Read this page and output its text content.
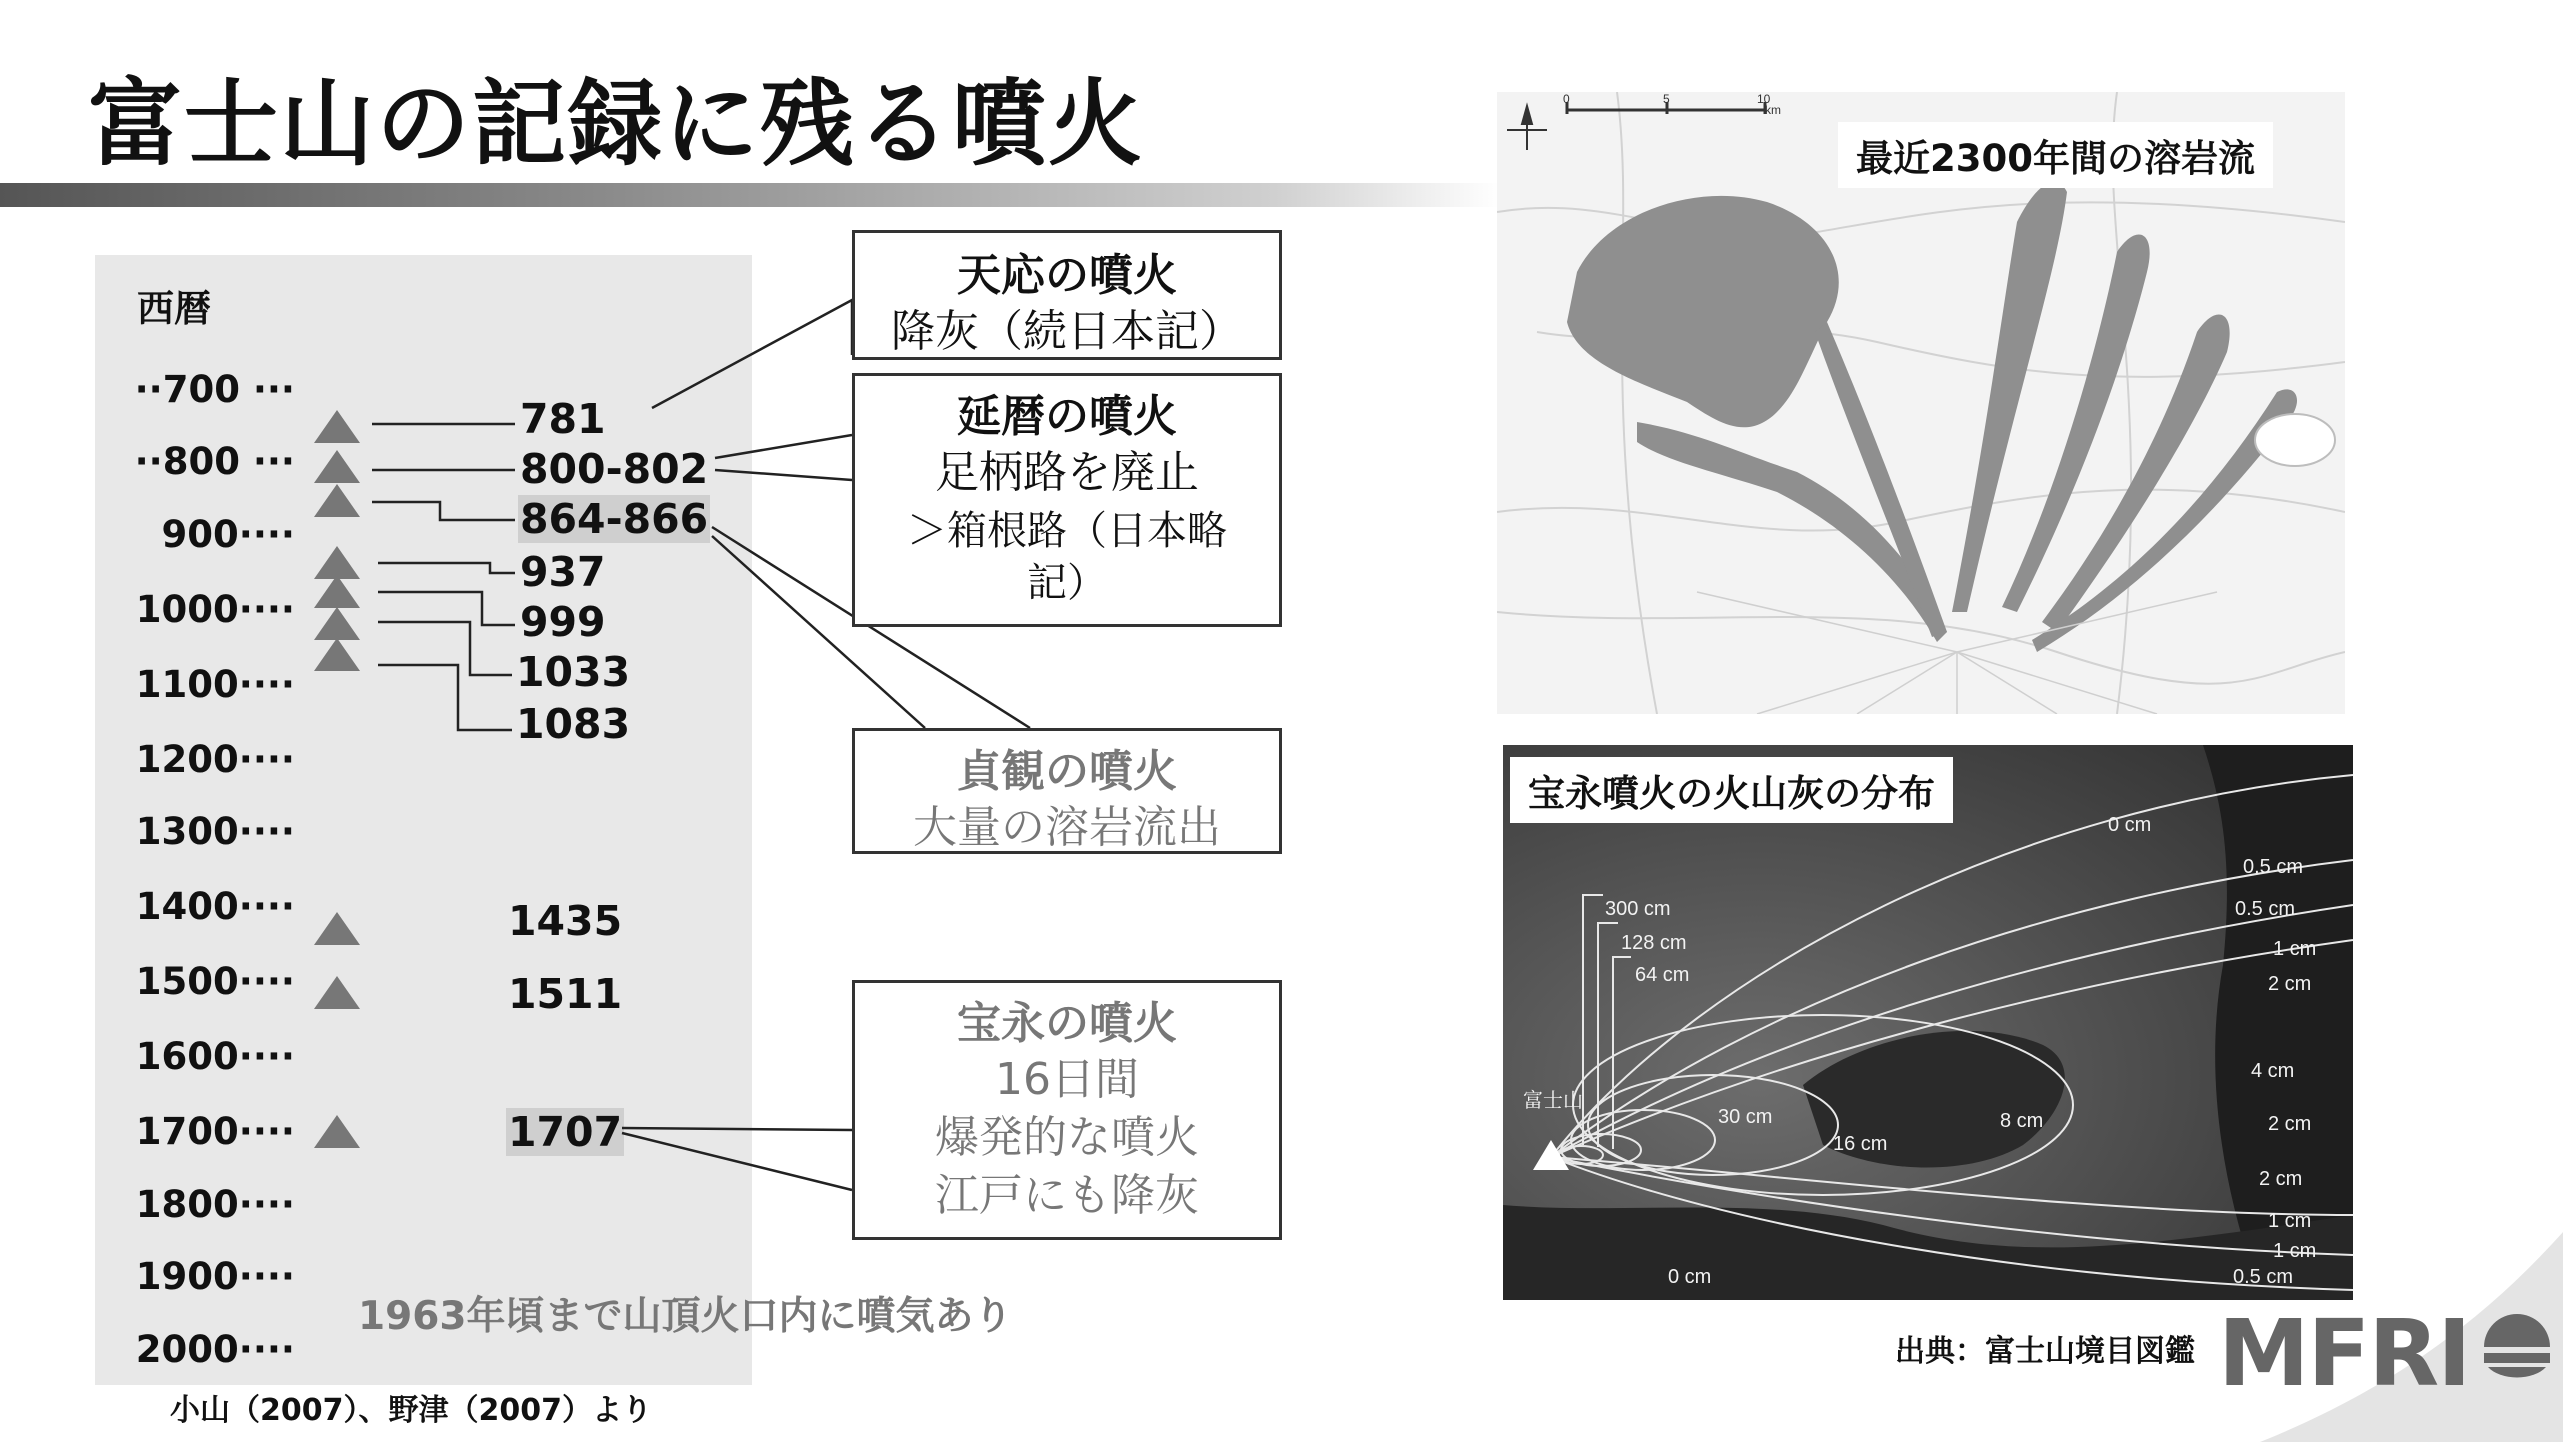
富士山の記録に残る噴火
西暦
··700 ···
··800 ···
900····
1000····
1100····
1200····
1300····
1400····
1500····
1600····
1700····
1800····
1900····
2000····
781
800-802
864-866
937
999
1033
1083
1435
1511
1707
天応の噴火
降灰（続日本記）
延暦の噴火
足柄路を廃止
＞箱根路（日本略
記）
貞観の噴火
大量の溶岩流出
宝永の噴火
16日間
爆発的な噴火
江戸にも降灰
1963年頃まで山頂火口内に噴気あり
小山（2007）、野津（2007）より
0	5	10
km
最近2300年間の溶岩流
300 cm
128 cm
64 cm
30 cm
16 cm
8 cm
4 cm
2 cm
1 cm
0.5 cm
0 cm
0.5 cm
1 cm
2 cm
2 cm
1 cm
0.5 cm
0 cm
富士山
宝永噴火の火山灰の分布
出典：富士山境目図鑑 MFRI
